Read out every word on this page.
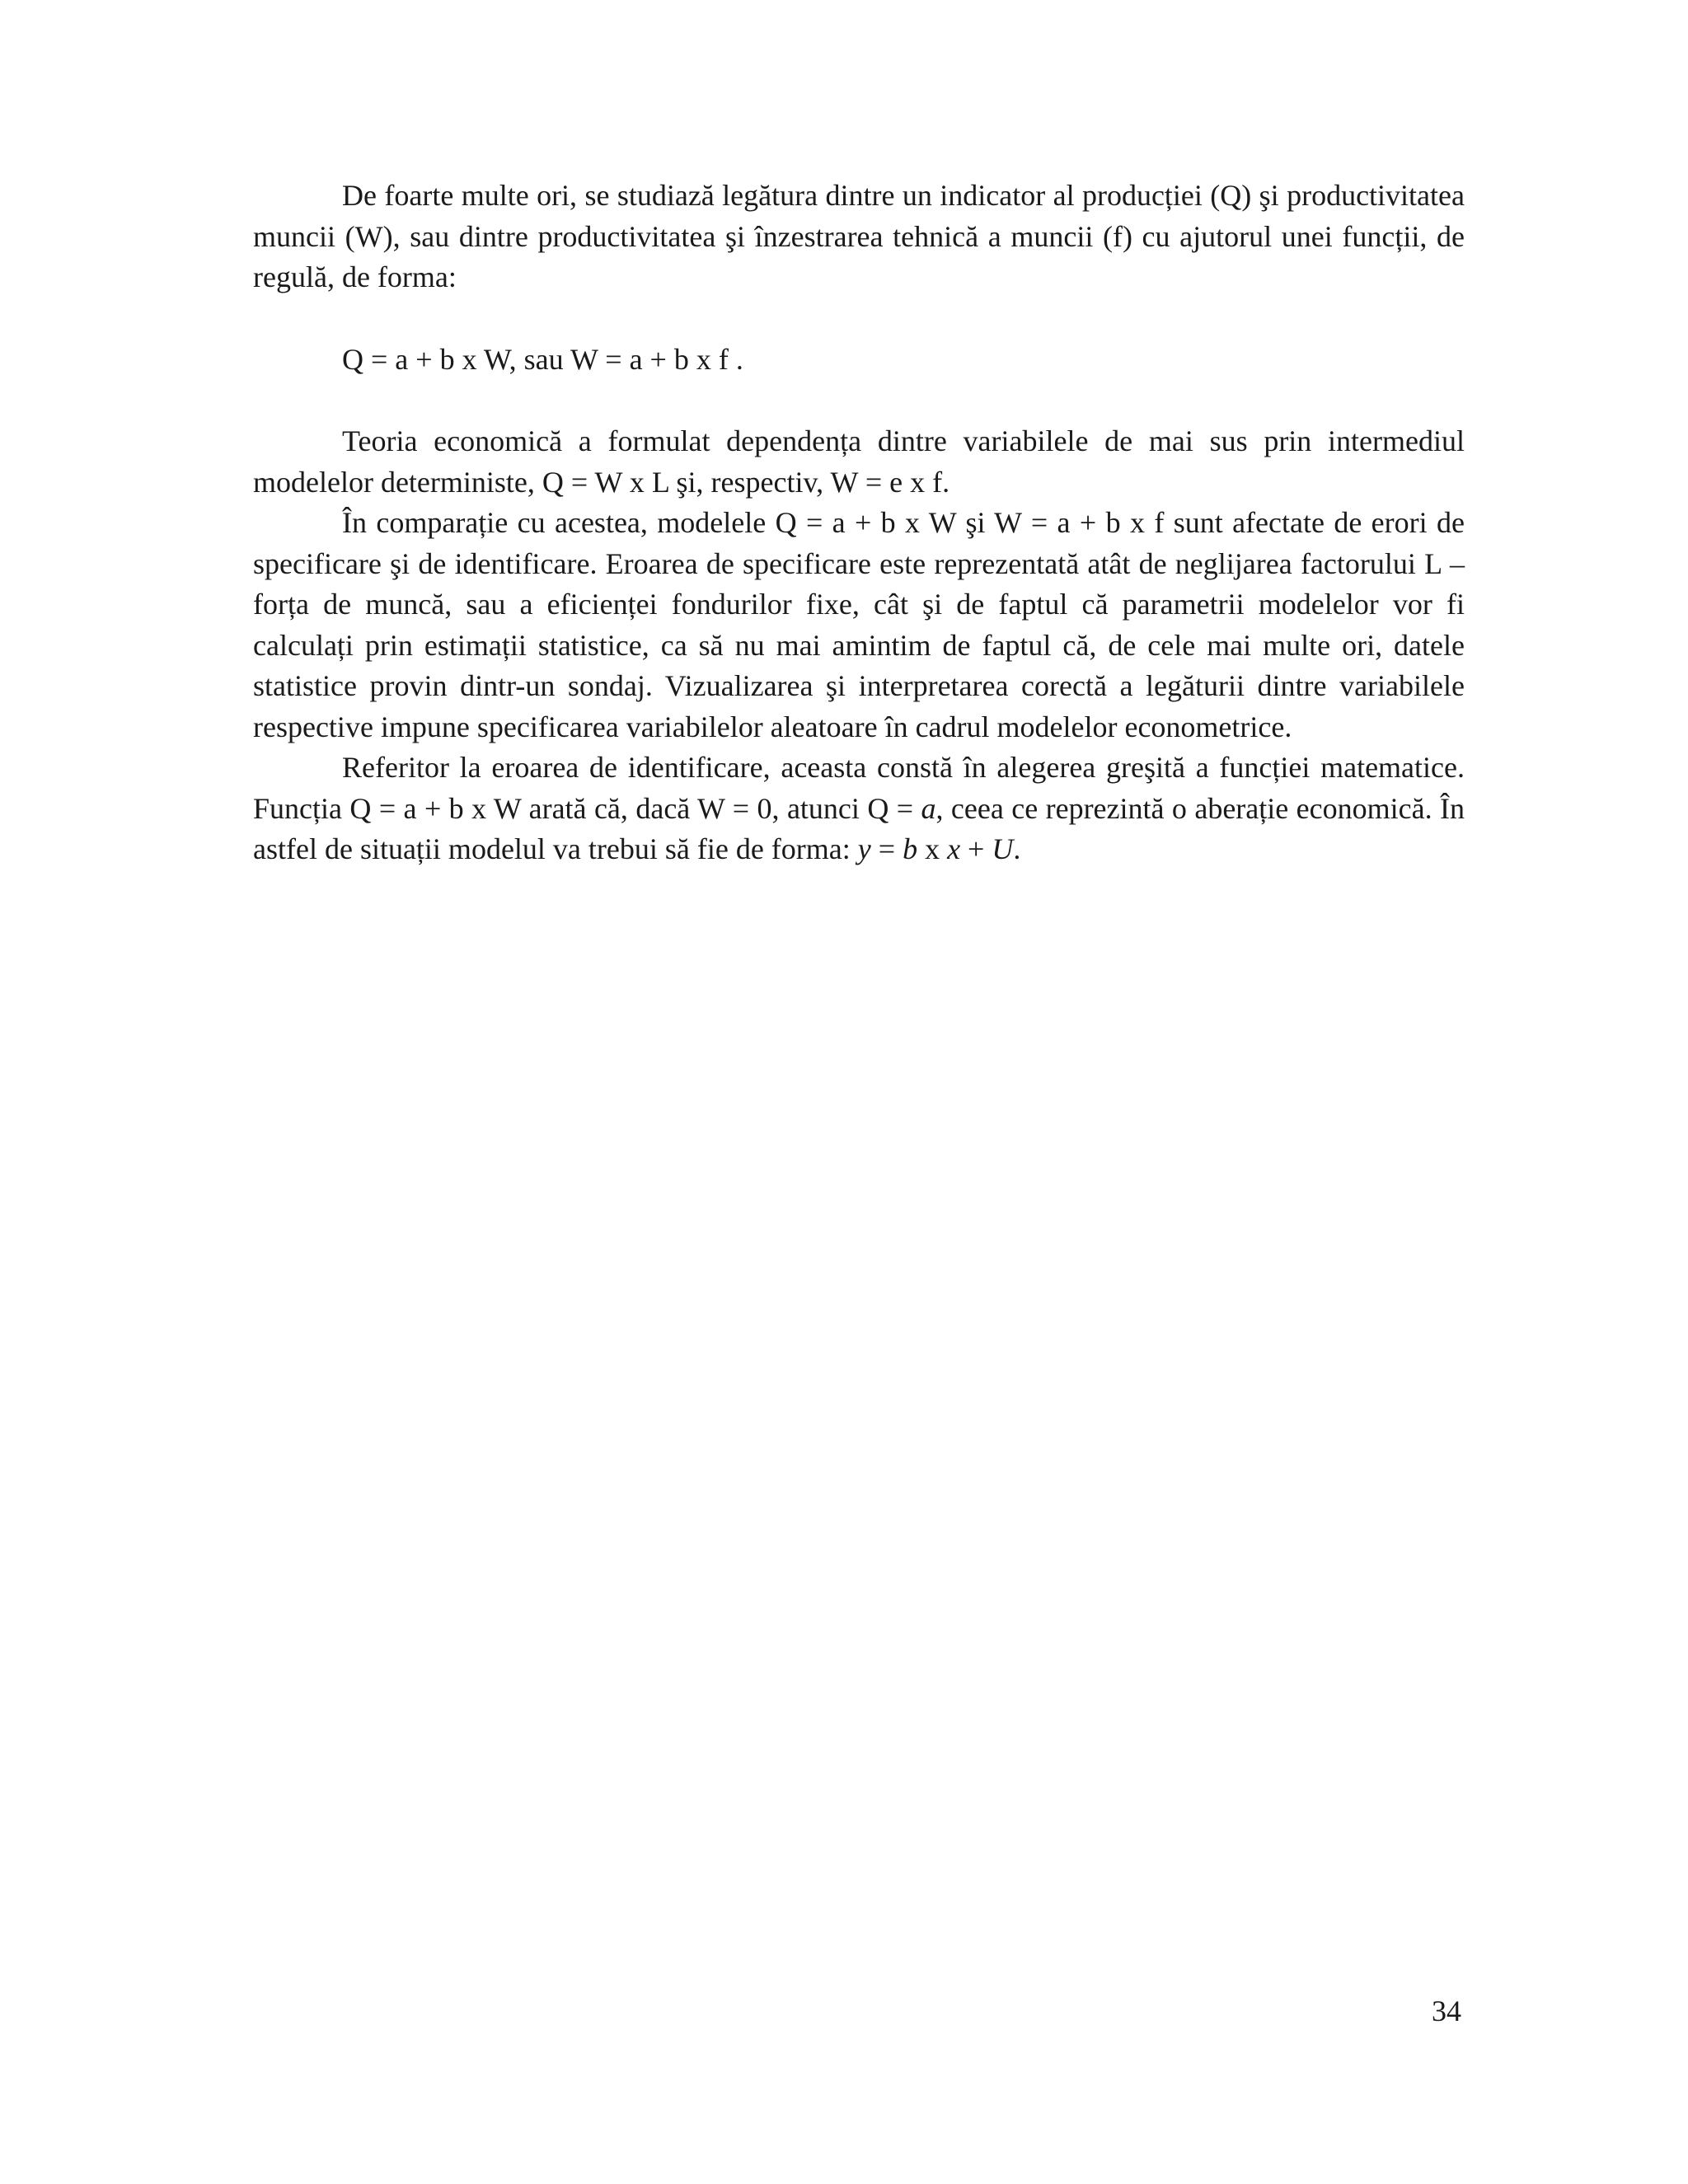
De foarte multe ori, se studiază legătura dintre un indicator al producției (Q) şi productivitatea muncii (W), sau dintre productivitatea şi înzestrarea tehnică a muncii (f) cu ajutorul unei funcții, de regulă, de forma:

Q = a + b x W, sau W = a + b x f .

Teoria economică a formulat dependența dintre variabilele de mai sus prin intermediul modelelor deterministe, Q = W x L şi, respectiv, W = e x f.

În comparație cu acestea, modelele Q = a + b x W şi W = a + b x f sunt afectate de erori de specificare şi de identificare. Eroarea de specificare este reprezentată atât de neglijarea factorului L – forța de muncă, sau a eficienței fondurilor fixe, cât şi de faptul că parametrii modelelor vor fi calculați prin estimații statistice, ca să nu mai amintim de faptul că, de cele mai multe ori, datele statistice provin dintr-un sondaj. Vizualizarea şi interpretarea corectă a legăturii dintre variabilele respective impune specificarea variabilelor aleatoare în cadrul modelelor econometrice.

Referitor la eroarea de identificare, aceasta constă în alegerea greşită a funcției matematice. Funcția Q = a + b x W arată că, dacă W = 0, atunci Q = a, ceea ce reprezintă o aberație economică. În astfel de situații modelul va trebui să fie de forma: y = b x x + U.

34
